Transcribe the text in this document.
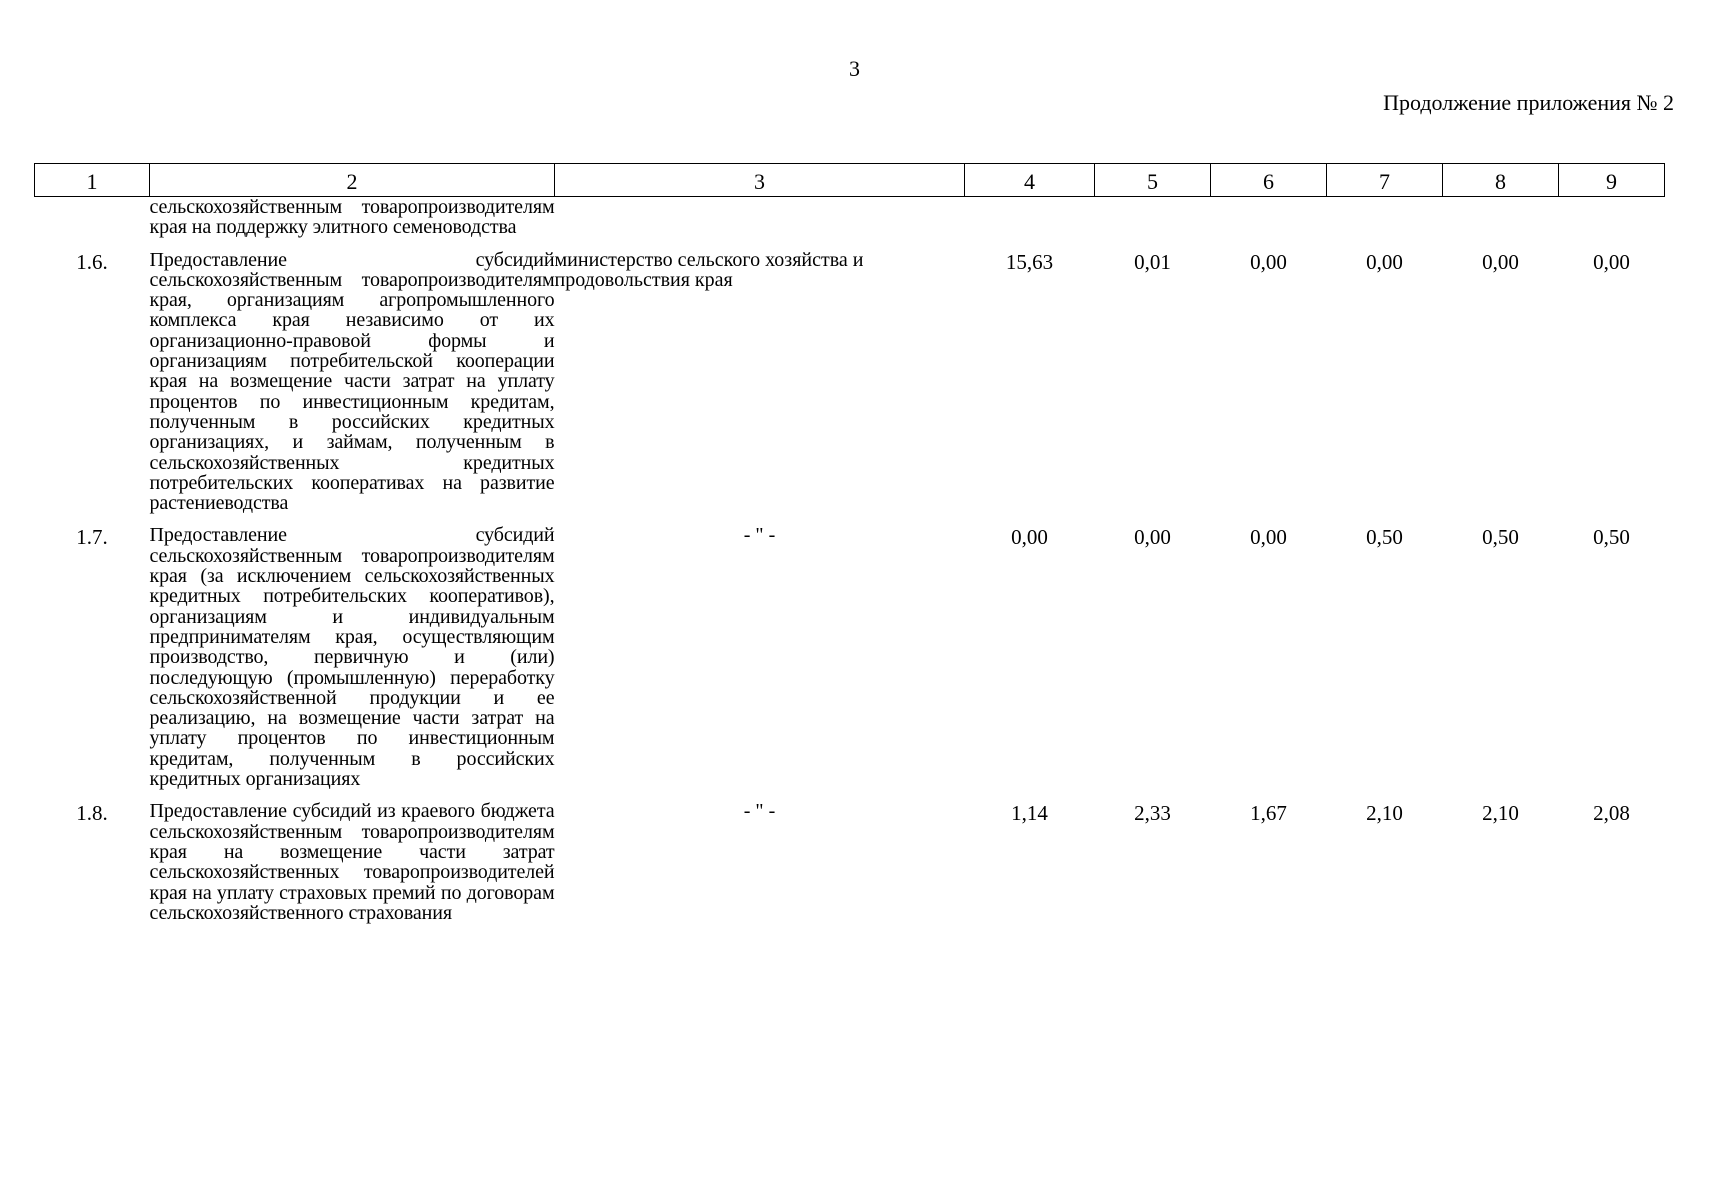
3
Продолжение приложения № 2
1	2	3	4	5	6	7	8	9
	сельскохозяйственным товаропроизводителям края на поддержку элитного семеноводства							

1.6.	Предоставление субсидий сельскохозяйственным товаропроизводителям края, организациям агропромышленного комплекса края независимо от их организационно-правовой формы и организациям потребительской кооперации края на возмещение части затрат на уплату процентов по инвестиционным кредитам, полученным в российских кредитных организациях, и займам, полученным в сельскохозяйственных кредитных потребительских кооперативах на развитие растениеводства	министерство сельского хозяйства и продовольствия края	15,63	0,01	0,00	0,00	0,00	0,00

1.7.	Предоставление субсидий сельскохозяйственным товаропроизводителям края (за исключением сельскохозяйственных кредитных потребительских кооперативов), организациям и индивидуальным предпринимателям края, осуществляющим производство, первичную и (или) последующую (промышленную) переработку сельскохозяйственной продукции и ее реализацию, на возмещение части затрат на уплату процентов по инвестиционным кредитам, полученным в российских кредитных организациях	- " -	0,00	0,00	0,00	0,50	0,50	0,50

1.8.	Предоставление субсидий из краевого бюджета сельскохозяйственным товаропроизводителям края на возмещение части затрат сельскохозяйственных товаропроизводителей края на уплату страховых премий по договорам сельскохозяйственного страхования	- " -	1,14	2,33	1,67	2,10	2,10	2,08
